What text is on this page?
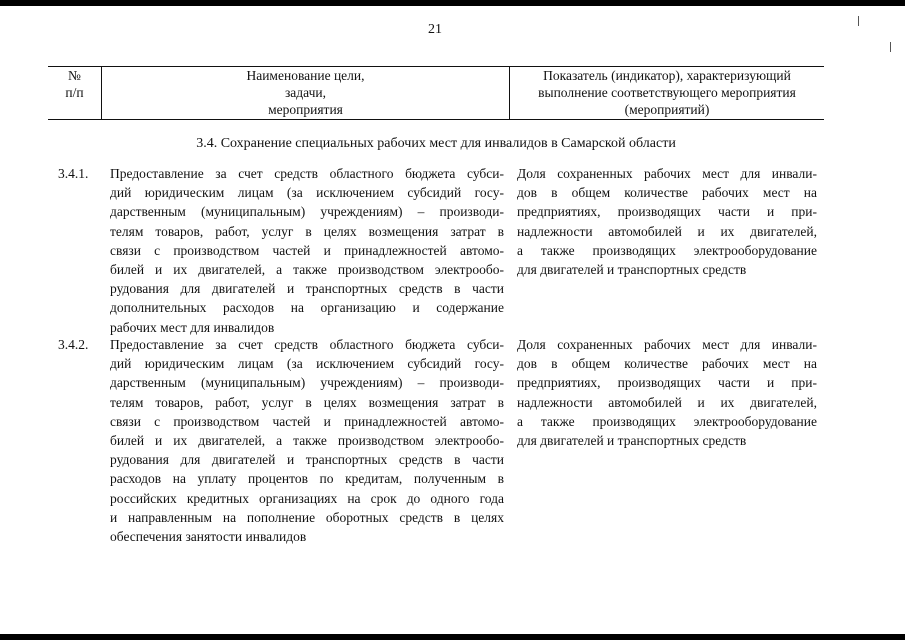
21
№
п/п
Наименование цели,
задачи,
мероприятия
Показатель (индикатор), характеризующий
выполнение соответствующего мероприятия
(мероприятий)
3.4. Сохранение специальных рабочих мест для инвалидов в Самарской области
3.4.1.	Предоставление за счет средств областного бюджета субси-
дий юридическим лицам (за исключением субсидий госу-
дарственным (муниципальным) учреждениям) – производи-
телям товаров, работ, услуг в целях возмещения затрат в
связи с производством частей и принадлежностей автомо-
билей и их двигателей, а также производством электрообо-
рудования для двигателей и транспортных средств в части
дополнительных расходов на организацию и содержание
рабочих мест для инвалидов
Доля сохраненных рабочих мест для инвали-
дов в общем количестве рабочих мест на
предприятиях, производящих части и при-
надлежности автомобилей и их двигателей,
а также производящих электрооборудование
для двигателей и транспортных средств
3.4.2.	Предоставление за счет средств областного бюджета субси-
дий юридическим лицам (за исключением субсидий госу-
дарственным (муниципальным) учреждениям) – производи-
телям товаров, работ, услуг в целях возмещения затрат в
связи с производством частей и принадлежностей автомо-
билей и их двигателей, а также производством электрообо-
рудования для двигателей и транспортных средств в части
расходов на уплату процентов по кредитам, полученным в
российских кредитных организациях на срок до одного года
и направленным на пополнение оборотных средств в целях
обеспечения занятости инвалидов
Доля сохраненных рабочих мест для инвали-
дов в общем количестве рабочих мест на
предприятиях, производящих части и при-
надлежности автомобилей и их двигателей,
а также производящих электрооборудование
для двигателей и транспортных средств
